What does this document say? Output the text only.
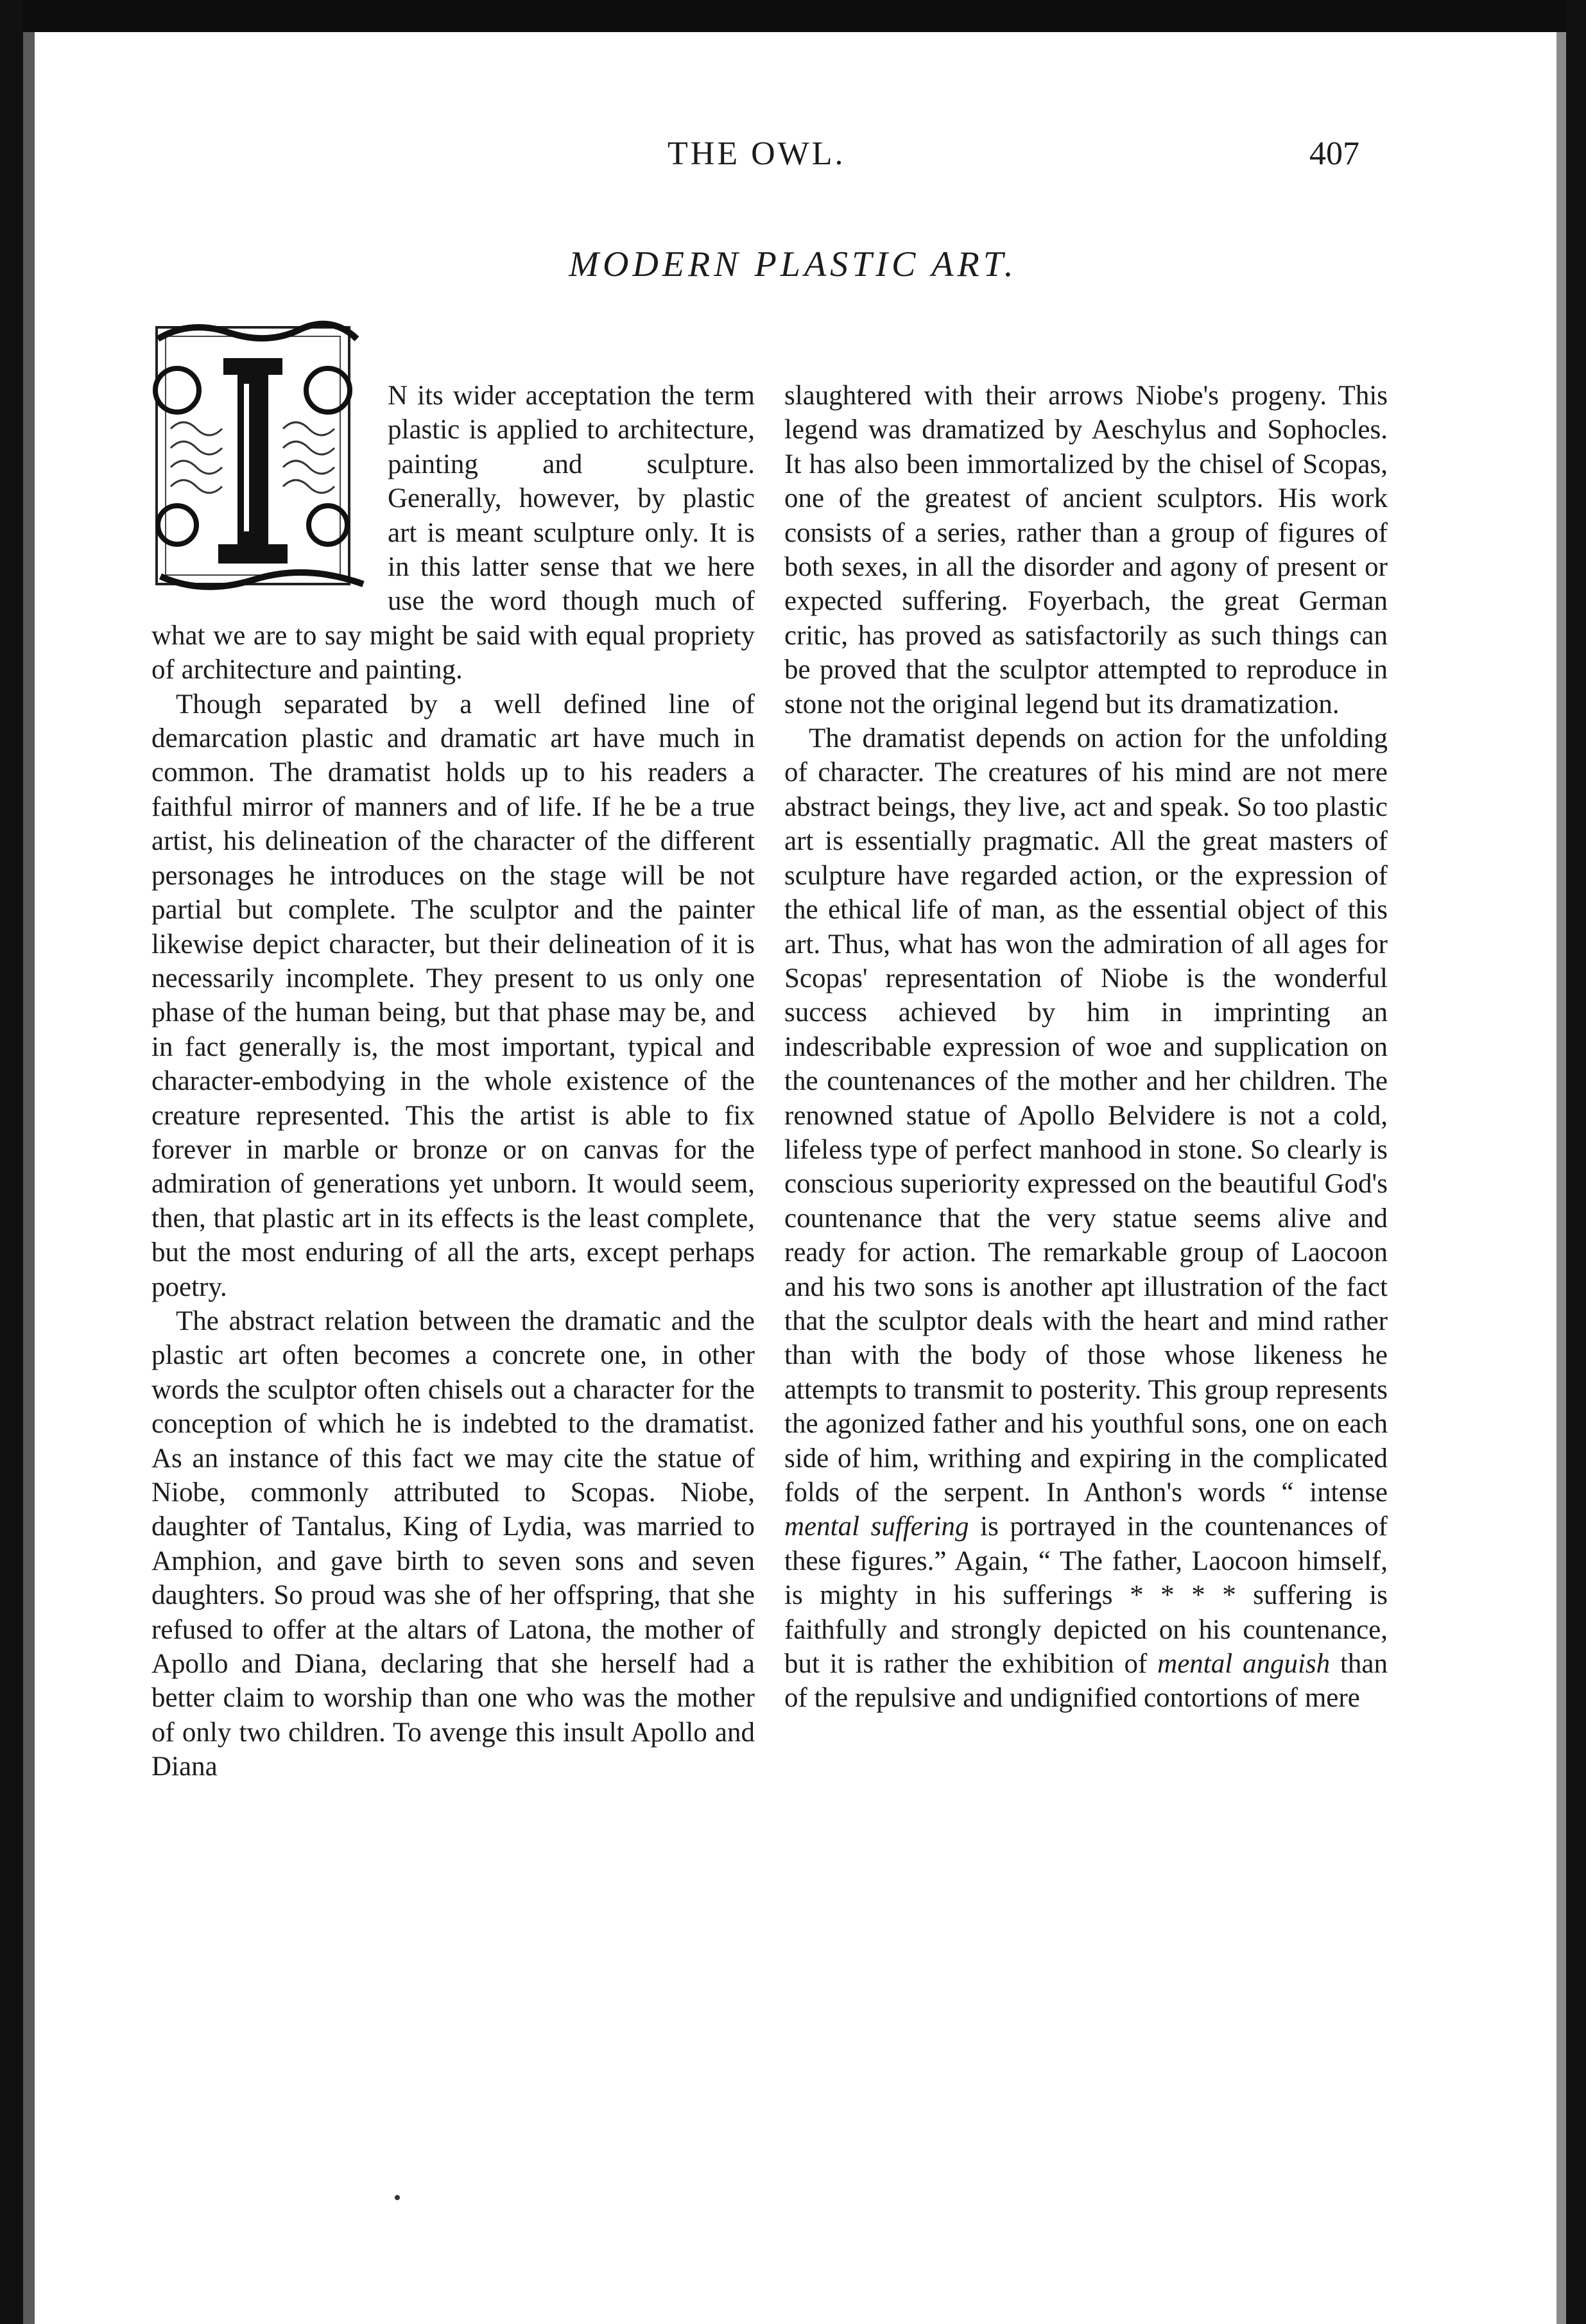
THE OWL.	407
MODERN PLASTIC ART.

N its wider acceptation the term plastic is applied to architecture, painting and sculpture. Generally, however, by plastic art is meant sculpture only. It is in this latter sense that we here use the word though much of what we are to say might be said with equal propriety of architecture and painting.

Though separated by a well defined line of demarcation plastic and dramatic art have much in common. The dramatist holds up to his readers a faithful mirror of manners and of life. If he be a true artist, his delineation of the character of the different personages he introduces on the stage will be not partial but complete. The sculptor and the painter likewise depict character, but their delineation of it is necessarily incomplete. They present to us only one phase of the human being, but that phase may be, and in fact generally is, the most important, typical and character-embodying in the whole existence of the creature represented. This the artist is able to fix forever in marble or bronze or on canvas for the admiration of generations yet unborn. It would seem, then, that plastic art in its effects is the least complete, but the most enduring of all the arts, except perhaps poetry.

The abstract relation between the dramatic and the plastic art often becomes a concrete one, in other words the sculptor often chisels out a character for the conception of which he is indebted to the dramatist. As an instance of this fact we may cite the statue of Niobe, commonly attributed to Scopas. Niobe, daughter of Tantalus, King of Lydia, was married to Amphion, and gave birth to seven sons and seven daughters. So proud was she of her offspring, that she refused to offer at the altars of Latona, the mother of Apollo and Diana, declaring that she herself had a better claim to worship than one who was the mother of only two children. To avenge this insult Apollo and Diana

slaughtered with their arrows Niobe's progeny. This legend was dramatized by Aeschylus and Sophocles. It has also been immortalized by the chisel of Scopas, one of the greatest of ancient sculptors. His work consists of a series, rather than a group of figures of both sexes, in all the disorder and agony of present or expected suffering. Foyerbach, the great German critic, has proved as satisfactorily as such things can be proved that the sculptor attempted to reproduce in stone not the original legend but its dramatization.

The dramatist depends on action for the unfolding of character. The creatures of his mind are not mere abstract beings, they live, act and speak. So too plastic art is essentially pragmatic. All the great masters of sculpture have regarded action, or the expression of the ethical life of man, as the essential object of this art. Thus, what has won the admiration of all ages for Scopas' representation of Niobe is the wonderful success achieved by him in imprinting an indescribable expression of woe and supplication on the countenances of the mother and her children. The renowned statue of Apollo Belvidere is not a cold, lifeless type of perfect manhood in stone. So clearly is conscious superiority expressed on the beautiful God's countenance that the very statue seems alive and ready for action. The remarkable group of Laocoon and his two sons is another apt illustration of the fact that the sculptor deals with the heart and mind rather than with the body of those whose likeness he attempts to transmit to posterity. This group represents the agonized father and his youthful sons, one on each side of him, writhing and expiring in the complicated folds of the serpent. In Anthon's words “ intense mental suffering is portrayed in the countenances of these figures.” Again, “ The father, Laocoon himself, is mighty in his sufferings * * * * suffering is faithfully and strongly depicted on his countenance, but it is rather the exhibition of mental anguish than of the repulsive and undignified contortions of mere
